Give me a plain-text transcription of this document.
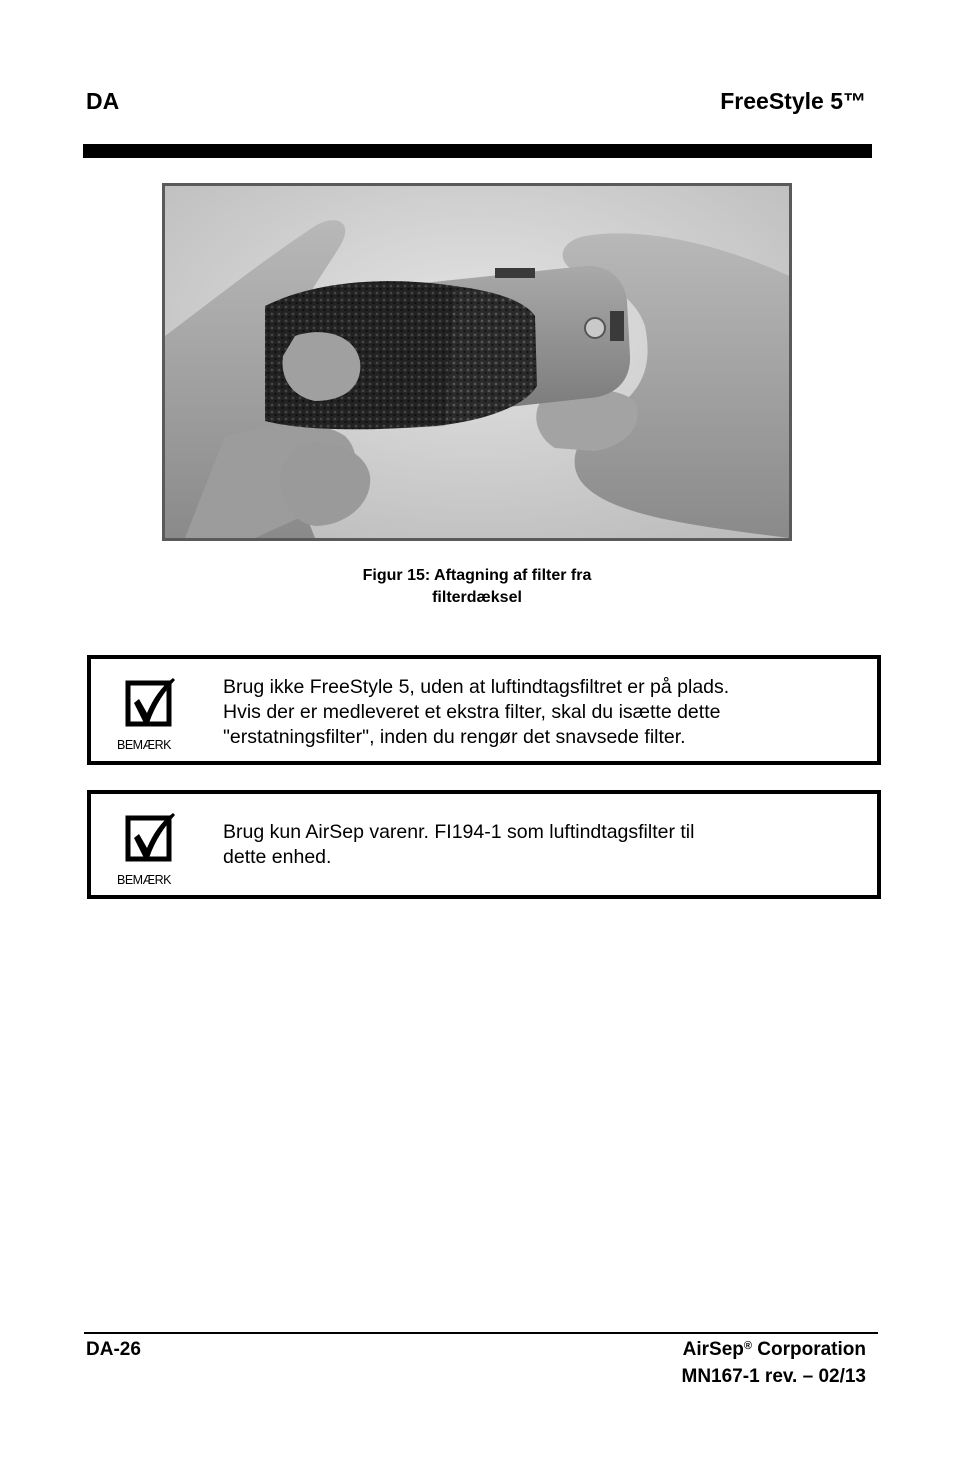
DA	FreeStyle 5™
Figur 15: Aftagning af filter fra
filterdæksel
BEMÆRK
Brug ikke FreeStyle 5, uden at luftindtagsfiltret er på plads.
Hvis der er medleveret et ekstra filter, skal du isætte dette
"erstatningsfilter", inden du rengør det snavsede filter.
BEMÆRK
Brug kun AirSep varenr. FI194-1 som luftindtagsfilter til
dette enhed.
DA-26	AirSep® Corporation
MN167-1 rev. – 02/13
